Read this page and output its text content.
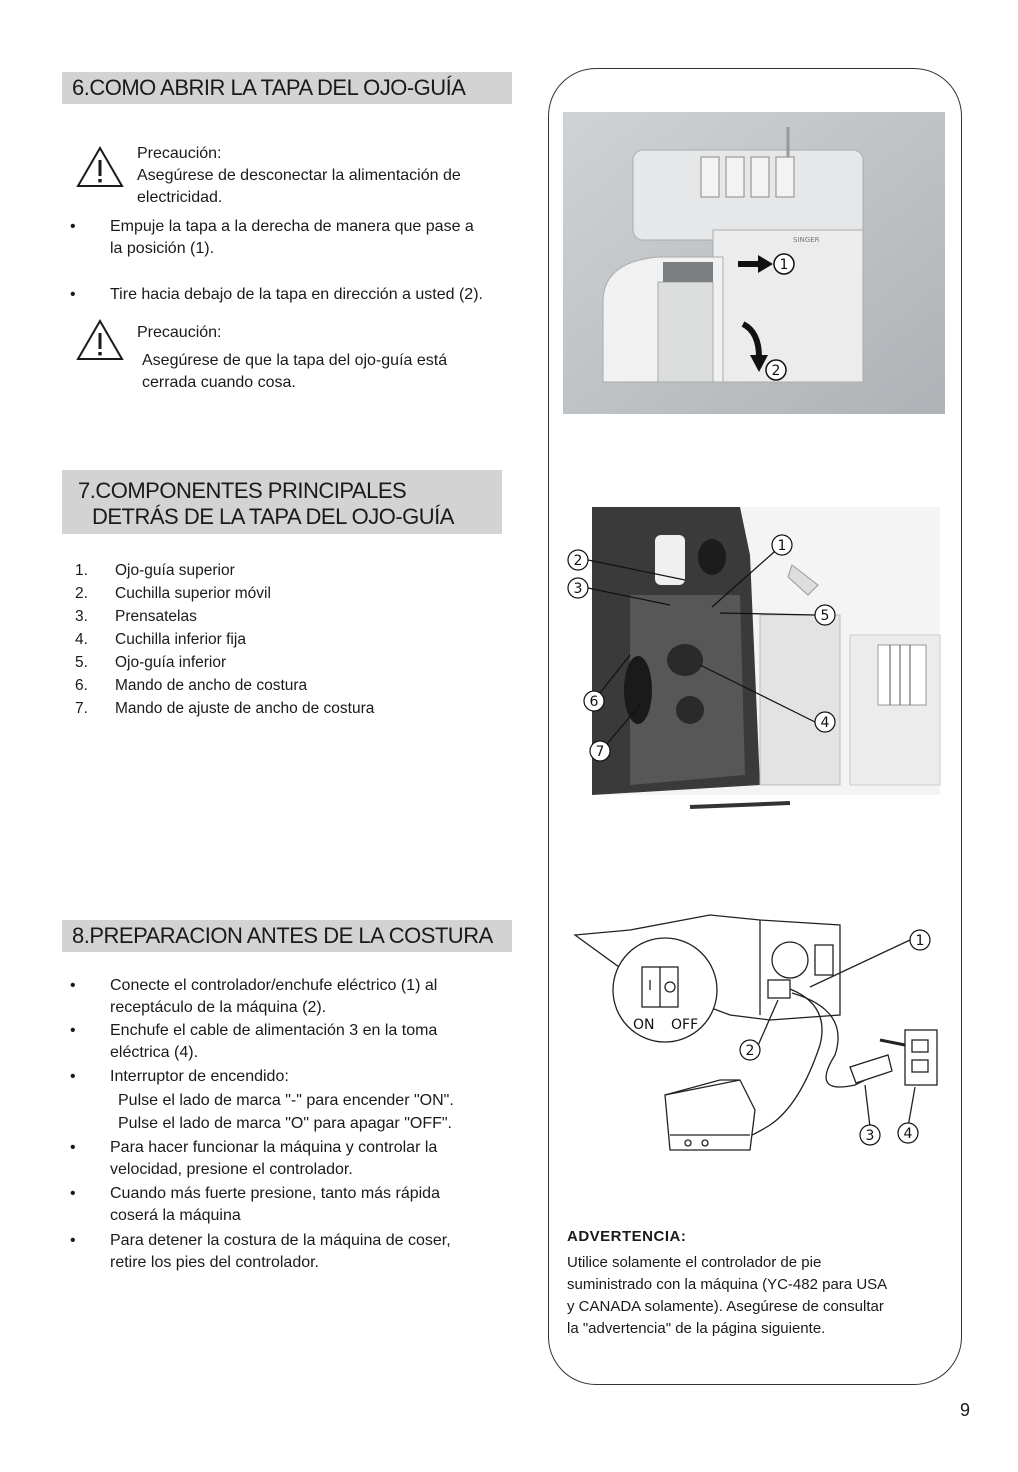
6.COMO ABRIR LA TAPA DEL OJO-GUÍA
Precaución:
Asegúrese de desconectar la alimentación de
electricidad.
• Empuje la tapa a la derecha de manera que pase a
la posición (1).
• Tire hacia debajo de la tapa en dirección a usted (2).
Precaución:
Asegúrese de que la tapa del ojo-guía está
cerrada cuando cosa.
SINGER
1
2
7.COMPONENTES PRINCIPALES
DETRÁS DE LA TAPA DEL OJO-GUÍA
1. Ojo-guía superior
2. Cuchilla superior móvil
3. Prensatelas
4. Cuchilla inferior fija
5. Ojo-guía inferior
6. Mando de ancho de costura
7. Mando de ajuste de ancho de costura
1
2
3
4
5
6
7
8.PREPARACION ANTES DE LA COSTURA
• Conecte el controlador/enchufe eléctrico (1) al
receptáculo de la máquina (2).
• Enchufe el cable de alimentación 3 en la toma
eléctrica (4).
• Interruptor de encendido:
Pulse el lado de marca "-" para encender "ON".
Pulse el lado de marca "O" para apagar "OFF".
• Para hacer funcionar la máquina y controlar la
velocidad, presione el controlador.
• Cuando más fuerte presione, tanto más rápida
coserá la máquina
• Para detener la costura de la máquina de coser,
retire los pies del controlador.
ON OFF
1
2
3 4
ADVERTENCIA:
Utilice solamente el controlador de pie
suministrado con la máquina (YC-482 para USA
y CANADA solamente). Asegúrese de consultar
la "advertencia" de la página siguiente.
9
